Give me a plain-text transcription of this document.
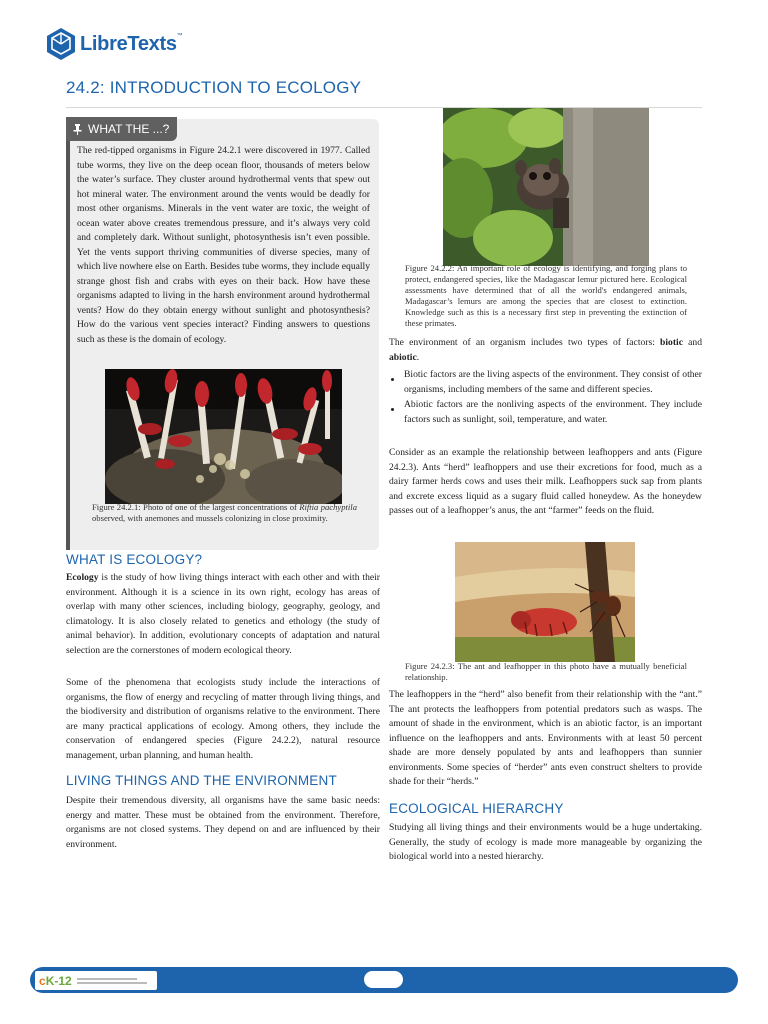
LibreTexts™
24.2: INTRODUCTION TO ECOLOGY
WHAT THE ...?

The red-tipped organisms in Figure 24.2.1 were discovered in 1977. Called tube worms, they live on the deep ocean floor, thousands of meters below the water’s surface. They cluster around hydrothermal vents that spew out hot mineral water. The environment around the vents would be deadly for most other organisms. Minerals in the vent water are toxic, the weight of ocean water above creates tremendous pressure, and it’s always very cold and completely dark. Without sunlight, photosynthesis isn’t even possible. Yet the vents support thriving communities of diverse species, many of which live nowhere else on Earth. Besides tube worms, they include equally strange ghost fish and crabs with eyes on their back. How have these organisms adapted to living in the harsh environment around hydrothermal vents? How do they obtain energy without sunlight and photosynthesis? How do the various vent species interact? Finding answers to questions such as these is the domain of ecology.

Figure 24.2.1: Photo of one of the largest concentrations of Riftia pachyptila observed, with anemones and mussels colonizing in close proximity.
WHAT IS ECOLOGY?

Ecology is the study of how living things interact with each other and with their environment. Although it is a science in its own right, ecology has areas of overlap with many other sciences, including biology, geography, geology, and climatology. It is also closely related to genetics and ethology (the study of animal behavior). In addition, evolutionary concepts of adaptation and natural selection are the cornerstones of modern ecological theory.

Some of the phenomena that ecologists study include the interactions of organisms, the flow of energy and recycling of matter through living things, and the biodiversity and distribution of organisms relative to the environment. There are many practical applications of ecology. Among others, they include the conservation of endangered species (Figure 24.2.2), natural resource management, urban planning, and human health.

LIVING THINGS AND THE ENVIRONMENT

Despite their tremendous diversity, all organisms have the same basic needs: energy and matter. These must be obtained from the environment. Therefore, organisms are not closed systems. They depend on and are influenced by their environment.

Figure 24.2.2: An important role of ecology is identifying, and forging plans to protect, endangered species, like the Madagascar lemur pictured here. Ecological assessments have determined that of all the world's endangered animals, Madagascar’s lemurs are among the species that are closest to extinction. Knowledge such as this is a necessary first step in preventing the extinction of these primates.

The environment of an organism includes two types of factors: biotic and abiotic.

Biotic factors are the living aspects of the environment. They consist of other organisms, including members of the same and different species.
Abiotic factors are the nonliving aspects of the environment. They include factors such as sunlight, soil, temperature, and water.

Consider as an example the relationship between leafhoppers and ants (Figure 24.2.3). Ants “herd” leafhoppers and use their excretions for food, much as a dairy farmer herds cows and uses their milk. Leafhoppers suck sap from plants and excrete excess liquid as a sugary fluid called honeydew. As the honeydew passes out of a leafhopper’s anus, the ant “farmer” feeds on the fluid.

Figure 24.2.3: The ant and leafhopper in this photo have a mutually beneficial relationship.

The leafhoppers in the “herd” also benefit from their relationship with the “ant.” The ant protects the leafhoppers from potential predators such as wasps. The amount of shade in the environment, which is an abiotic factor, is an important influence on the leafhoppers and ants. Environments with at least 50 percent shade are more densely populated by ants and leafhoppers than sunnier environments. Some species of “herder” ants even construct shelters to provide shade for their “herds.”

ECOLOGICAL HIERARCHY

Studying all living things and their environments would be a huge undertaking. Generally, the study of ecology is made more manageable by organizing the biological world into a nested hierarchy.

cK-12
